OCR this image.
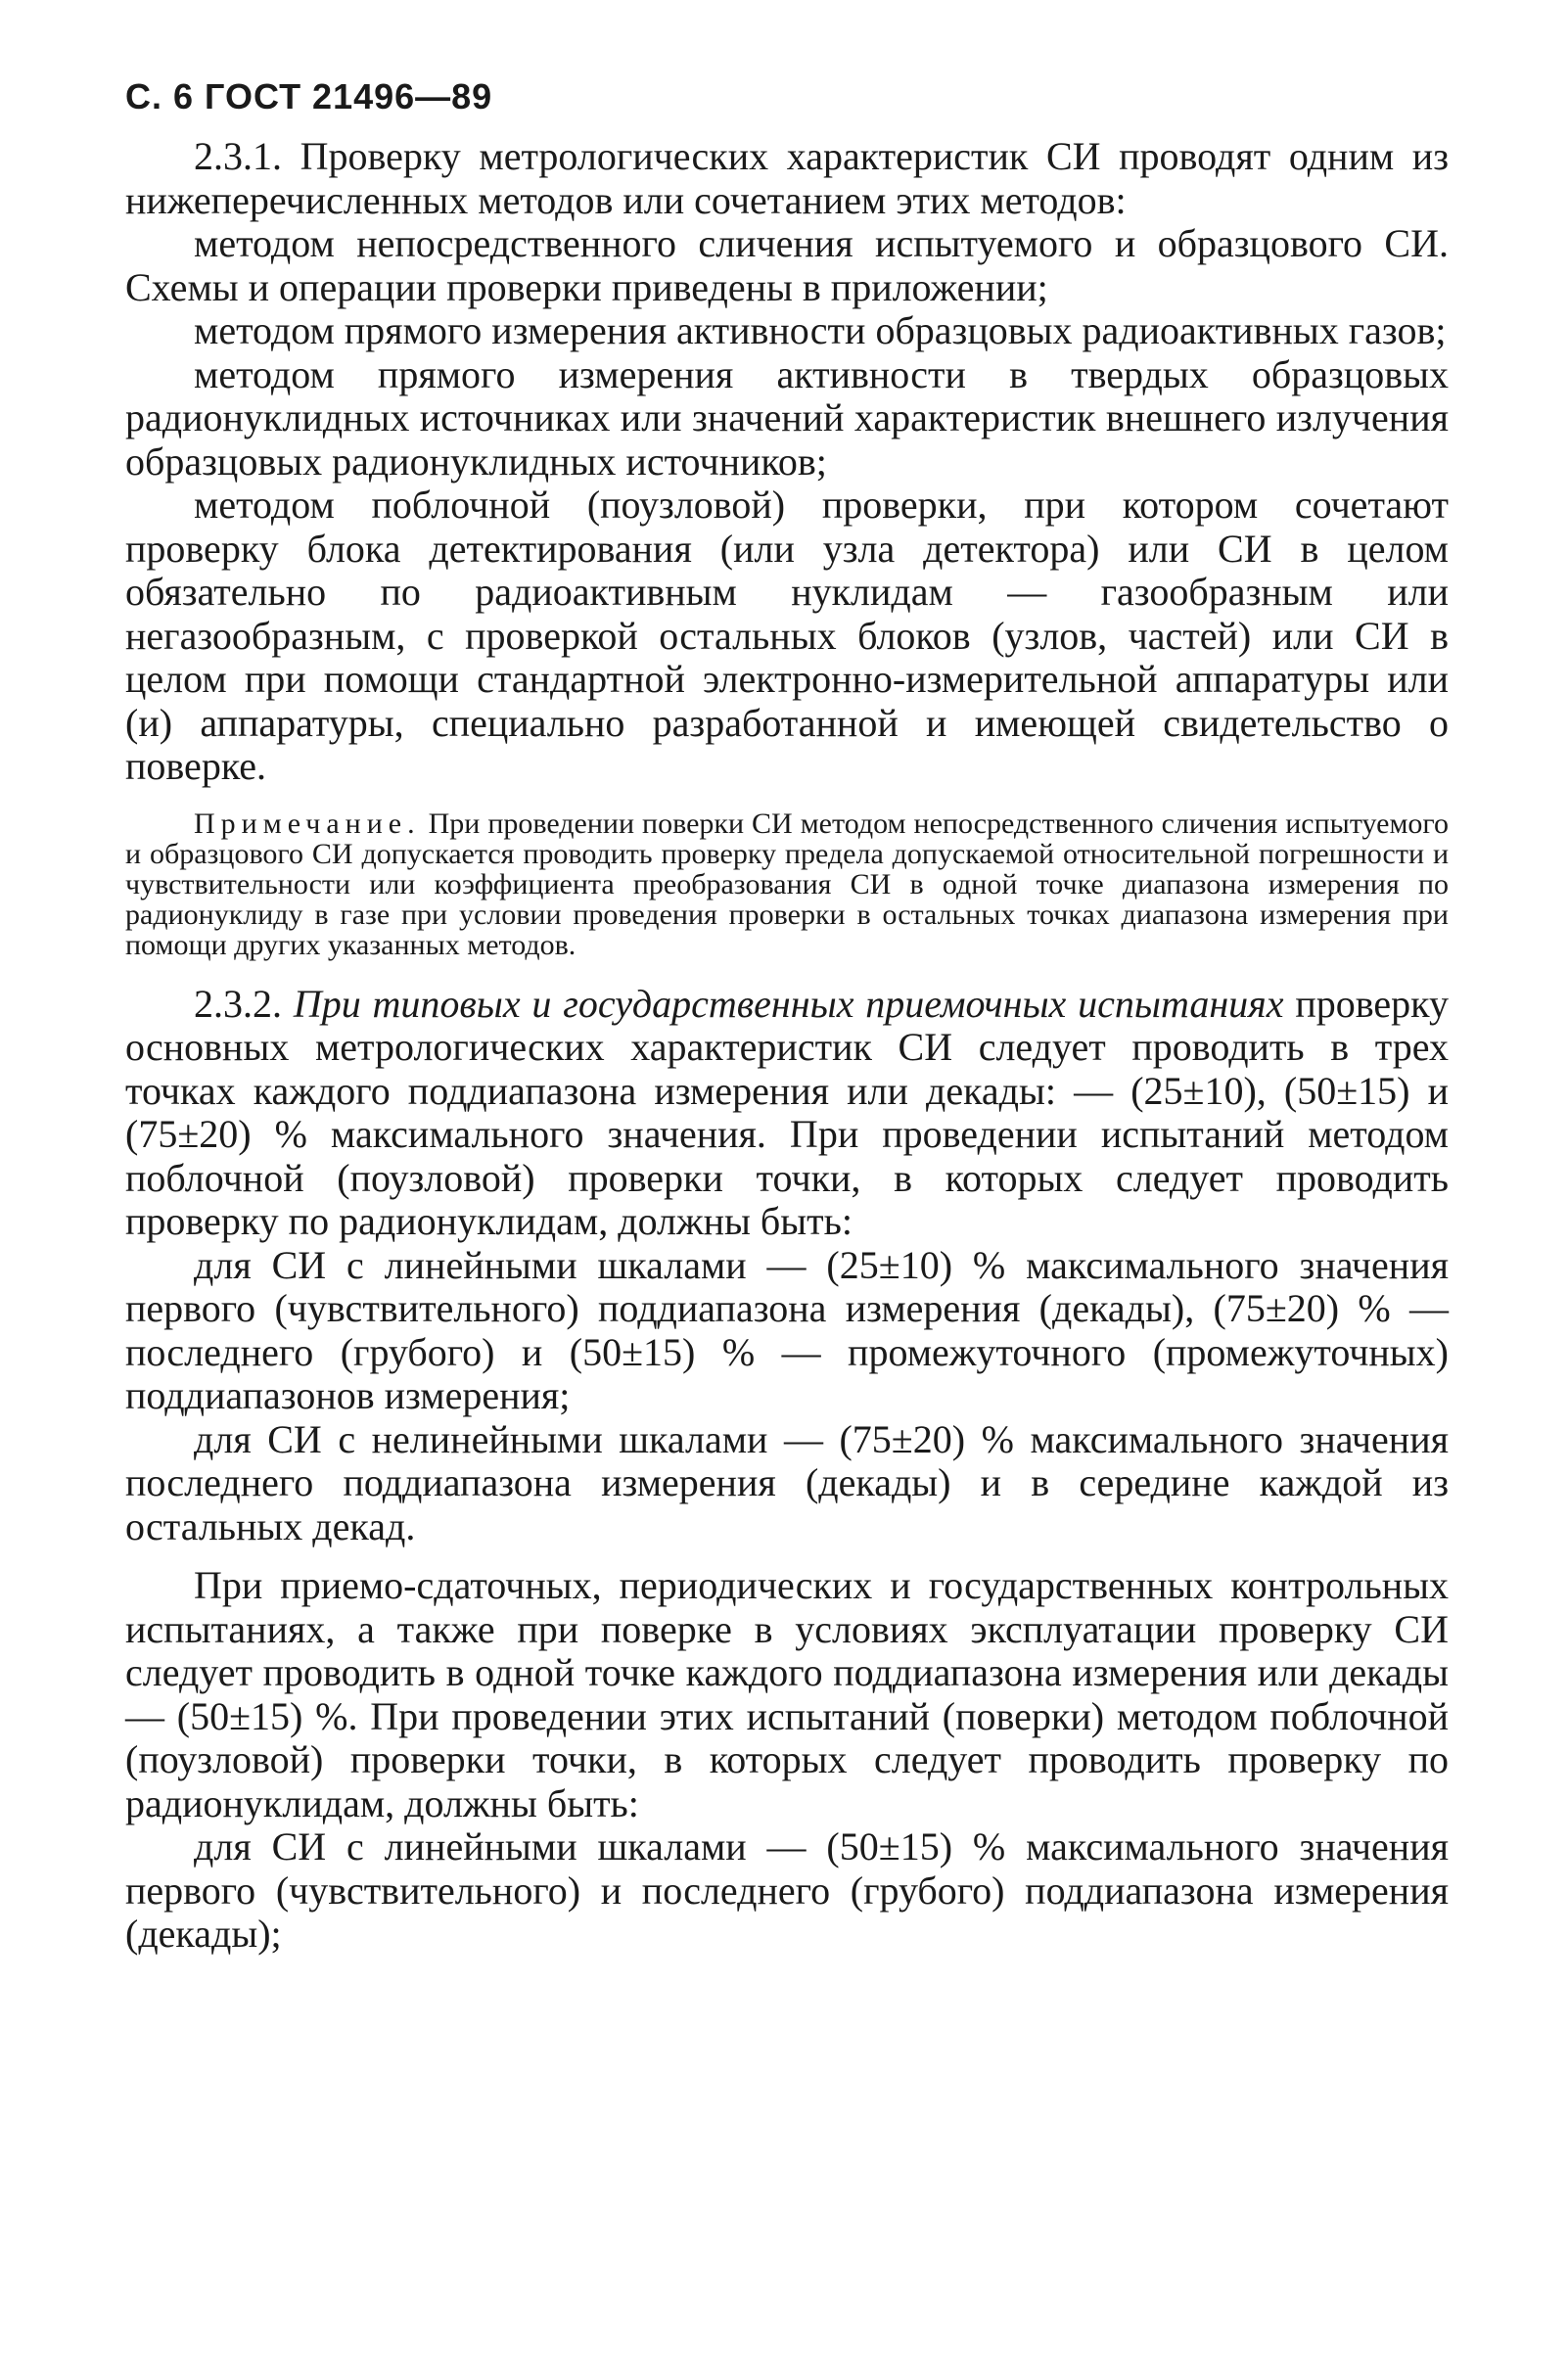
С. 6 ГОСТ 21496—89

2.3.1. Проверку метрологических характеристик СИ проводят одним из нижеперечисленных методов или сочетанием этих методов:

методом непосредственного сличения испытуемого и образцового СИ. Схемы и операции проверки приведены в приложении;

методом прямого измерения активности образцовых радиоактивных газов;

методом прямого измерения активности в твердых образцовых радионуклидных источниках или значений характеристик внешнего излучения образцовых радионуклидных источников;

методом поблочной (поузловой) проверки, при котором сочетают проверку блока детектирования (или узла детектора) или СИ в целом обязательно по радиоактивным нуклидам — газообразным или негазообразным, с проверкой остальных блоков (узлов, частей) или СИ в целом при помощи стандартной электронно-измерительной аппаратуры или (и) аппаратуры, специально разработанной и имеющей свидетельство о поверке.

Примечание. При проведении поверки СИ методом непосредственного сличения испытуемого и образцового СИ допускается проводить проверку предела допускаемой относительной погрешности и чувствительности или коэффициента преобразования СИ в одной точке диапазона измерения по радионуклиду в газе при условии проведения проверки в остальных точках диапазона измерения при помощи других указанных методов.

2.3.2. При типовых и государственных приемочных испытаниях проверку основных метрологических характеристик СИ следует проводить в трех точках каждого поддиапазона измерения или декады: — (25±10), (50±15) и (75±20) % максимального значения. При проведении испытаний методом поблочной (поузловой) проверки точки, в которых следует проводить проверку по радионуклидам, должны быть:

для СИ с линейными шкалами — (25±10) % максимального значения первого (чувствительного) поддиапазона измерения (декады), (75±20) % — последнего (грубого) и (50±15) % — промежуточного (промежуточных) поддиапазонов измерения;

для СИ с нелинейными шкалами — (75±20) % максимального значения последнего поддиапазона измерения (декады) и в середине каждой из остальных декад.

При приемо-сдаточных, периодических и государственных контрольных испытаниях, а также при поверке в условиях эксплуатации проверку СИ следует проводить в одной точке каждого поддиапазона измерения или декады — (50±15) %. При проведении этих испытаний (поверки) методом поблочной (поузловой) проверки точки, в которых следует проводить проверку по радионуклидам, должны быть:

для СИ с линейными шкалами — (50±15) % максимального значения первого (чувствительного) и последнего (грубого) поддиапазона измерения (декады);
